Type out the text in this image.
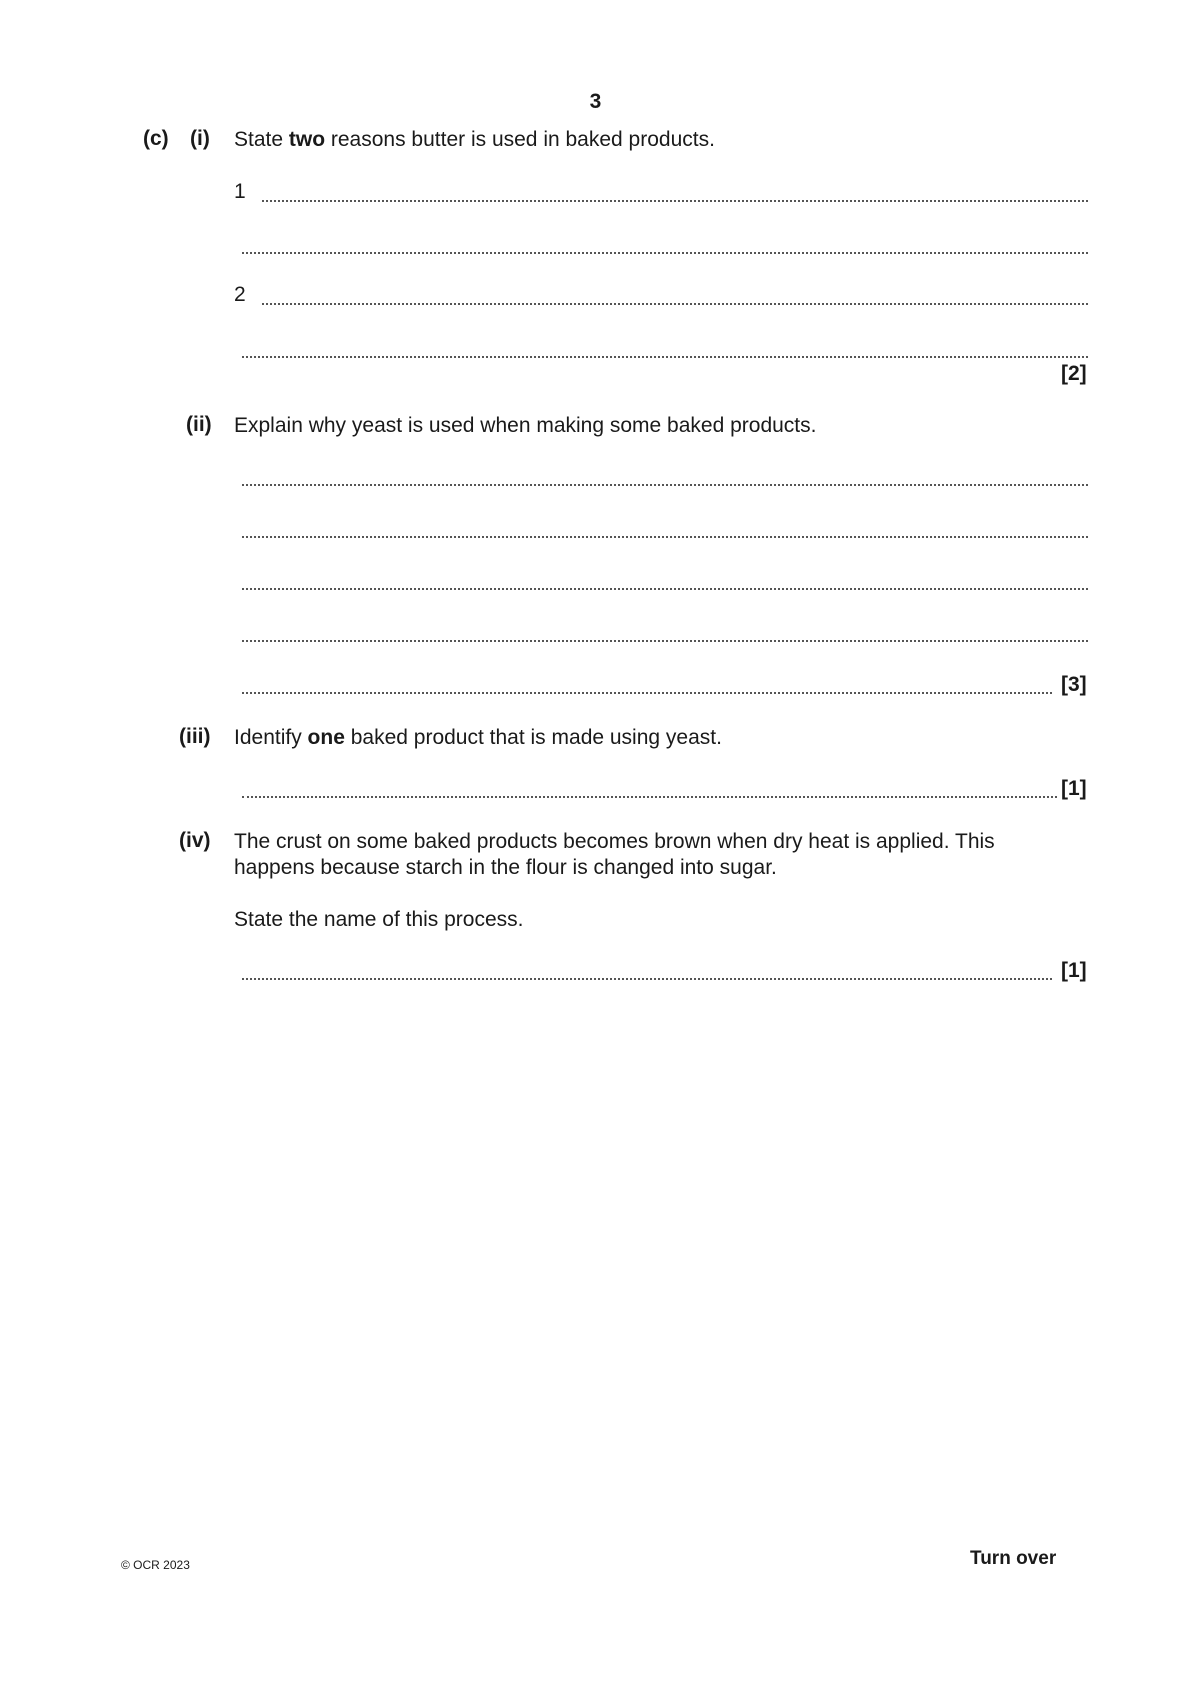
3
(c) (i) State two reasons butter is used in baked products.
1
2
[2]
(ii) Explain why yeast is used when making some baked products.
[3]
(iii) Identify one baked product that is made using yeast.
[1]
(iv) The crust on some baked products becomes brown when dry heat is applied. This
happens because starch in the flour is changed into sugar.
State the name of this process.
[1]
© OCR 2023	Turn over
